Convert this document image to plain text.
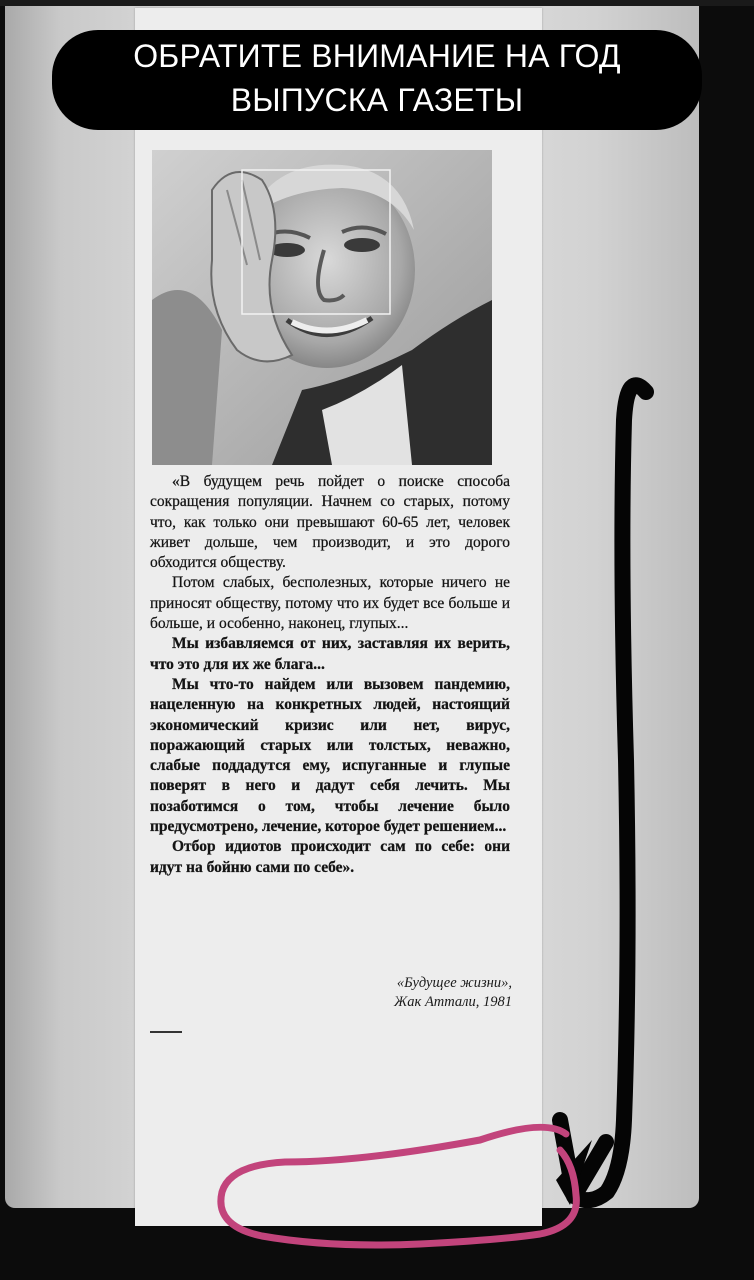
«В будущем речь пойдет о поиске способа сокращения популяции. Начнем со старых, потому что, как только они превышают 60-65 лет, человек живет дольше, чем производит, и это дорого обходится обществу.

Потом слабых, бесполезных, которые ничего не приносят обществу, потому что их будет все больше и больше, и особенно, наконец, глупых...

Мы избавляемся от них, заставляя их верить, что это для их же блага...

Мы что-то найдем или вызовем пандемию, нацеленную на конкретных людей, настоящий экономический кризис или нет, вирус, поражающий старых или толстых, неважно, слабые поддадутся ему, испуганные и глупые поверят в него и дадут себя лечить. Мы позаботимся о том, чтобы лечение было предусмотрено, лечение, которое будет решением...

Отбор идиотов происходит сам по себе: они идут на бойню сами по себе».

«Будущее жизни»,
Жак Аттали, 1981
ОБРАТИТЕ ВНИМАНИЕ НА ГОД
ВЫПУСКА ГАЗЕТЫ
